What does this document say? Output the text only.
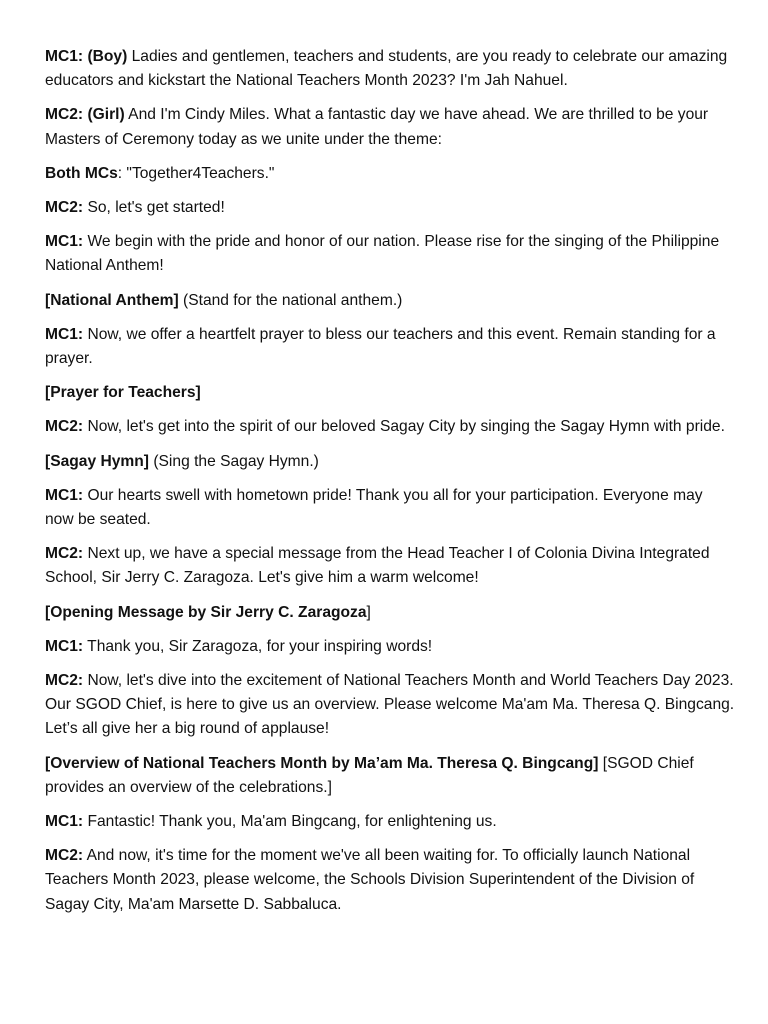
MC1: (Boy) Ladies and gentlemen, teachers and students, are you ready to celebrate our amazing educators and kickstart the National Teachers Month 2023? I'm Jah Nahuel.

MC2: (Girl) And I'm Cindy Miles. What a fantastic day we have ahead. We are thrilled to be your Masters of Ceremony today as we unite under the theme:

Both MCs: "Together4Teachers."

MC2: So, let's get started!

MC1: We begin with the pride and honor of our nation. Please rise for the singing of the Philippine National Anthem!

[National Anthem] (Stand for the national anthem.)

MC1: Now, we offer a heartfelt prayer to bless our teachers and this event. Remain standing for a prayer.

[Prayer for Teachers]

MC2: Now, let's get into the spirit of our beloved Sagay City by singing the Sagay Hymn with pride.

[Sagay Hymn] (Sing the Sagay Hymn.)

MC1: Our hearts swell with hometown pride! Thank you all for your participation. Everyone may now be seated.

MC2: Next up, we have a special message from the Head Teacher I of Colonia Divina Integrated School, Sir Jerry C. Zaragoza. Let's give him a warm welcome!

[Opening Message by Sir Jerry C. Zaragoza]

MC1: Thank you, Sir Zaragoza, for your inspiring words!

MC2: Now, let's dive into the excitement of National Teachers Month and World Teachers Day 2023. Our SGOD Chief, is here to give us an overview. Please welcome Ma'am Ma. Theresa Q. Bingcang. Let’s all give her a big round of applause!

[Overview of National Teachers Month by Ma’am Ma. Theresa Q. Bingcang] [SGOD Chief provides an overview of the celebrations.]

MC1: Fantastic! Thank you, Ma'am Bingcang, for enlightening us.

MC2: And now, it's time for the moment we've all been waiting for. To officially launch National Teachers Month 2023, please welcome, the Schools Division Superintendent of the Division of Sagay City, Ma'am Marsette D. Sabbaluca.
